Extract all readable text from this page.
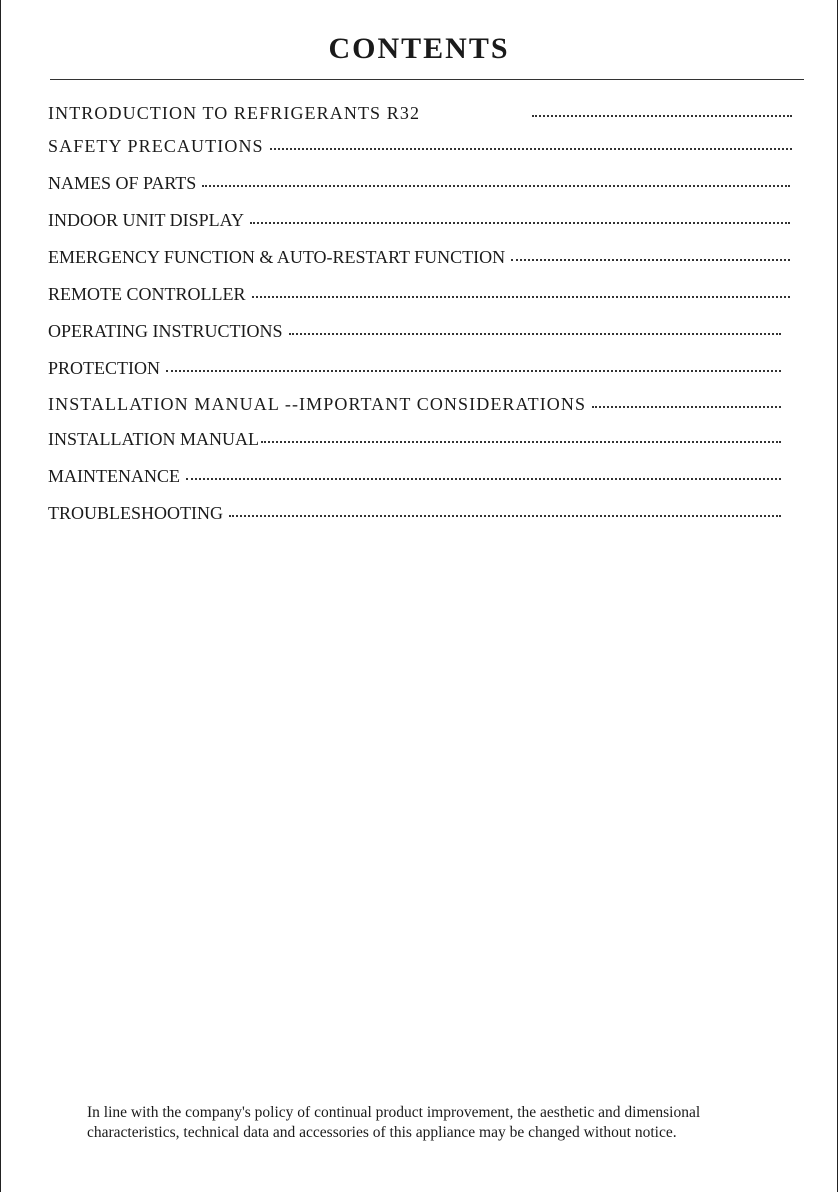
CONTENTS
INTRODUCTION TO REFRIGERANTS R32
SAFETY PRECAUTIONS
NAMES OF PARTS
INDOOR UNIT DISPLAY
EMERGENCY FUNCTION & AUTO-RESTART FUNCTION
REMOTE CONTROLLER
OPERATING INSTRUCTIONS
PROTECTION
INSTALLATION MANUAL --IMPORTANT CONSIDERATIONS
INSTALLATION MANUAL
MAINTENANCE
TROUBLESHOOTING
In line with the company's policy of continual product improvement, the aesthetic and dimensional
characteristics, technical data and accessories of this appliance may be changed without notice.
